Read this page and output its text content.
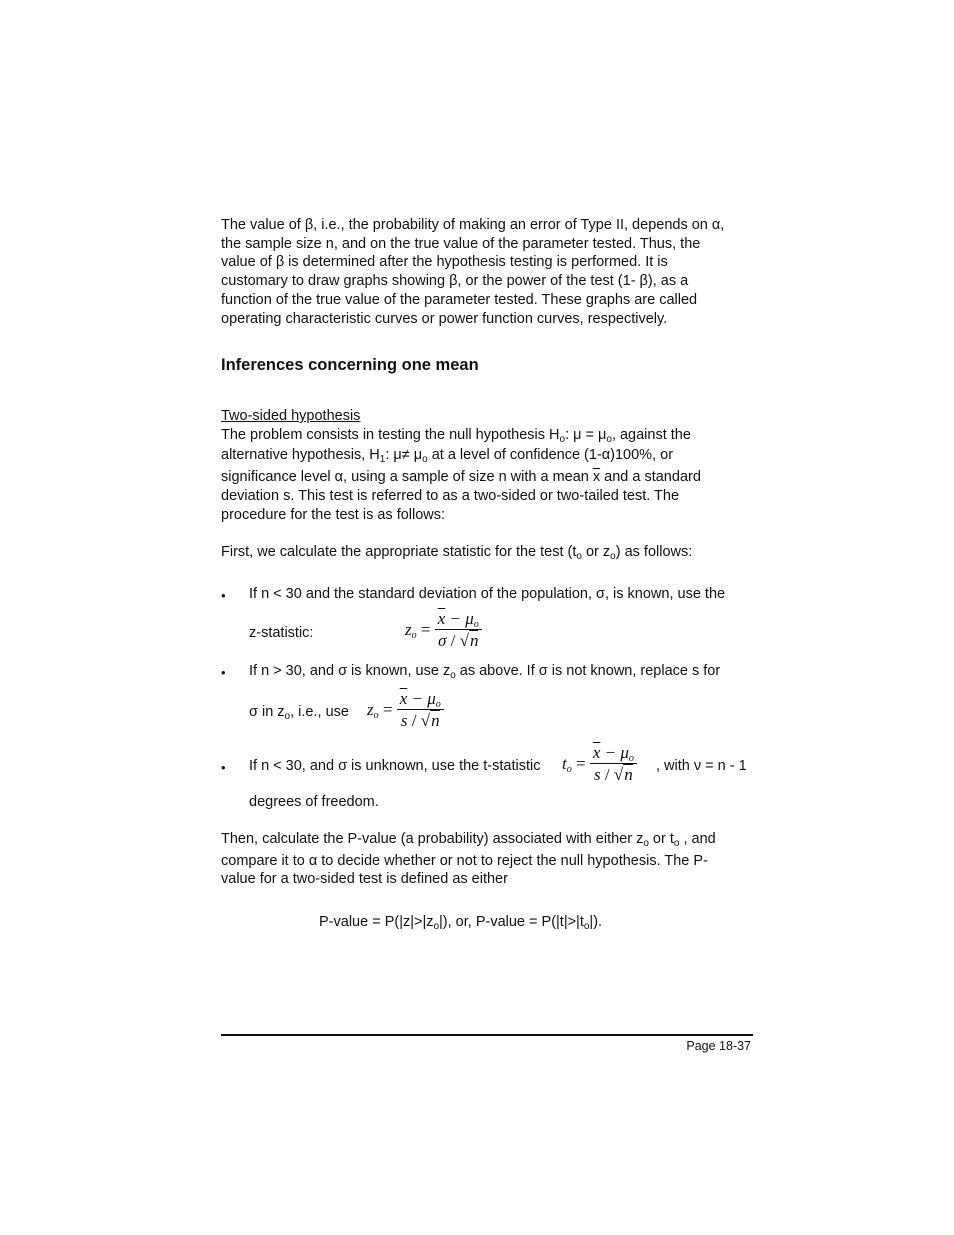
The value of β, i.e., the probability of making an error of Type II, depends on α,
the sample size n, and on the true value of the parameter tested. Thus, the
value of β is determined after the hypothesis testing is performed. It is
customary to draw graphs showing β, or the power of the test (1- β), as a
function of the true value of the parameter tested. These graphs are called
operating characteristic curves or power function curves, respectively.
Inferences concerning one mean
Two-sided hypothesis
The problem consists in testing the null hypothesis $H_o$: $\mu = \mu_o$, against the
alternative hypothesis, $H_1$: $\mu\ne \mu_o$ at a level of confidence (1-α)100%, or
significance level α, using a sample of size n with a mean $\overline{x}$ and a standard
deviation s. This test is referred to as a two-sided or two-tailed test. The
procedure for the test is as follows:
First, we calculate the appropriate statistic for the test ($t_o$ or $z_o$) as follows:
• If n < 30 and the standard deviation of the population, σ, is known, use the
z-statistic:	$z_o = \frac{\overline{x} - \mu_o}{\sigma / √n}$
• If n > 30, and σ is known, use $z_o$ as above. If σ is not known, replace s for
σ in $z_o$, i.e., use	$z_o = \frac{\overline{x} - \mu_o}{s / √n}$
• If n < 30, and σ is unknown, use the t-statistic	$t_o = \frac{\overline{x} - \mu_o}{s / √n}$ , with ν = n - 1
degrees of freedom.
Then, calculate the P-value (a probability) associated with either $z_o$ or $t_o$ , and
compare it to α to decide whether or not to reject the null hypothesis. The P-
value for a two-sided test is defined as either
P-value = $P(|z|>|z_o|)$, or, P-value = $P(|t|>|t_o|)$.
Page 18-37
